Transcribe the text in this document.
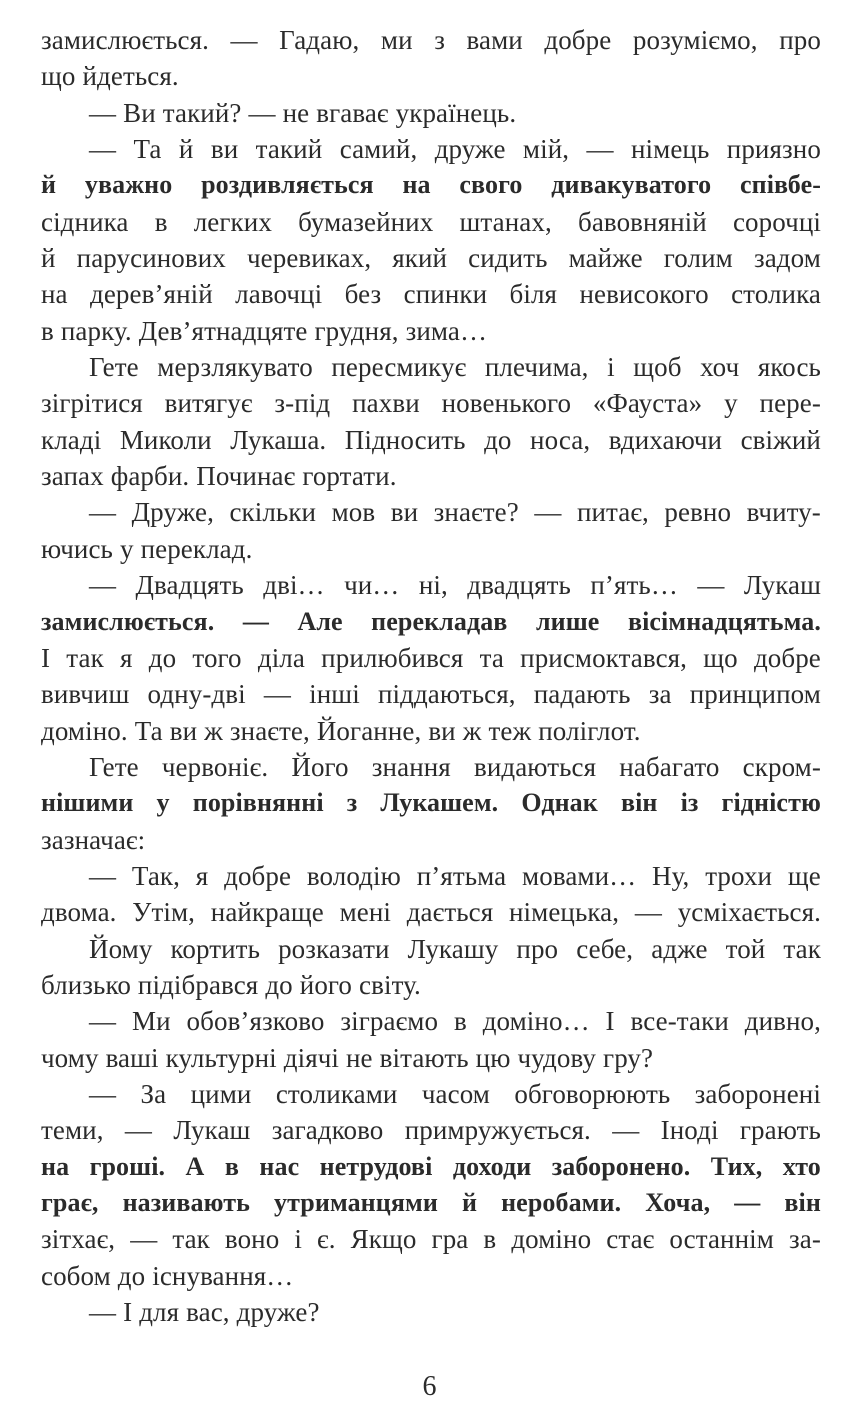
замислюється. — Гадаю, ми з вами добре розуміємо, про
що йдеться.
— Ви такий? — не вгаває українець.
— Та й ви такий самий, друже мій, — німець приязно
й уважно роздивляється на свого дивакуватого співбе-
сідника в легких бумазейних штанах, бавовняній сорочці
й парусинових черевиках, який сидить майже голим задом
на дерев’яній лавочці без спинки біля невисокого столика
в парку. Дев’ятнадцяте грудня, зима…
Гете мерзлякувато пересмикує плечима, і щоб хоч якось
зігрітися витягує з-під пахви новенького «Фауста» у пере-
кладі Миколи Лукаша. Підносить до носа, вдихаючи свіжий
запах фарби. Починає гортати.
— Друже, скільки мов ви знаєте? — питає, ревно вчиту-
ючись у переклад.
— Двадцять дві… чи… ні, двадцять п’ять… — Лукаш
замислюється. — Але перекладав лише вісімнадцятьма.
І так я до того діла прилюбився та присмоктався, що добре
вивчиш одну-дві — інші піддаються, падають за принципом
доміно. Та ви ж знаєте, Йоганне, ви ж теж поліглот.
Гете червоніє. Його знання видаються набагато скром-
нішими у порівнянні з Лукашем. Однак він із гідністю
зазначає:
— Так, я добре володію п’ятьма мовами… Ну, трохи ще
двома. Утім, найкраще мені дається німецька, — усміхається.
Йому кортить розказати Лукашу про себе, адже той так
близько підібрався до його світу.
— Ми обов’язково зіграємо в доміно… І все-таки дивно,
чому ваші культурні діячі не вітають цю чудову гру?
— За цими столиками часом обговорюють заборонені
теми, — Лукаш загадково примружується. — Іноді грають
на гроші. А в нас нетрудові доходи заборонено. Тих, хто
грає, називають утриманцями й неробами. Хоча, — він
зітхає, — так воно і є. Якщо гра в доміно стає останнім за-
собом до існування…
— І для вас, друже?
6
